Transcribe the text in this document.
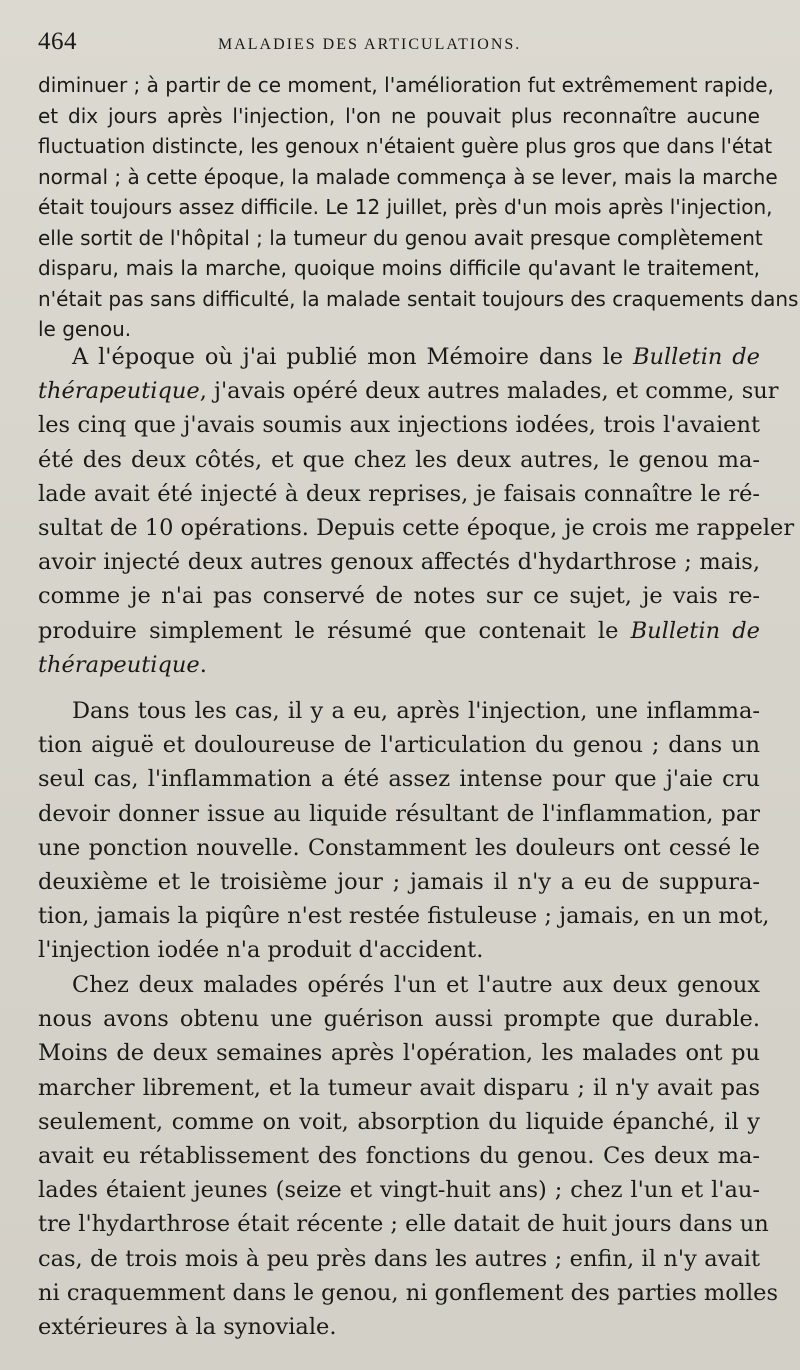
464	MALADIES DES ARTICULATIONS.
diminuer ; à partir de ce moment, l'amélioration fut extrêmement rapide,
et dix jours après l'injection, l'on ne pouvait plus reconnaître aucune
fluctuation distincte, les genoux n'étaient guère plus gros que dans l'état
normal ; à cette époque, la malade commença à se lever, mais la marche
était toujours assez difficile. Le 12 juillet, près d'un mois après l'injection,
elle sortit de l'hôpital ; la tumeur du genou avait presque complètement
disparu, mais la marche, quoique moins difficile qu'avant le traitement,
n'était pas sans difficulté, la malade sentait toujours des craquements dans
le genou.
A l'époque où j'ai publié mon Mémoire dans le Bulletin de
thérapeutique, j'avais opéré deux autres malades, et comme, sur
les cinq que j'avais soumis aux injections iodées, trois l'avaient
été des deux côtés, et que chez les deux autres, le genou ma-
lade avait été injecté à deux reprises, je faisais connaître le ré-
sultat de 10 opérations. Depuis cette époque, je crois me rappeler
avoir injecté deux autres genoux affectés d'hydarthrose ; mais,
comme je n'ai pas conservé de notes sur ce sujet, je vais re-
produire simplement le résumé que contenait le Bulletin de
thérapeutique.
Dans tous les cas, il y a eu, après l'injection, une inflamma-
tion aiguë et douloureuse de l'articulation du genou ; dans un
seul cas, l'inflammation a été assez intense pour que j'aie cru
devoir donner issue au liquide résultant de l'inflammation, par
une ponction nouvelle. Constamment les douleurs ont cessé le
deuxième et le troisième jour ; jamais il n'y a eu de suppura-
tion, jamais la piqûre n'est restée fistuleuse ; jamais, en un mot,
l'injection iodée n'a produit d'accident.
Chez deux malades opérés l'un et l'autre aux deux genoux
nous avons obtenu une guérison aussi prompte que durable.
Moins de deux semaines après l'opération, les malades ont pu
marcher librement, et la tumeur avait disparu ; il n'y avait pas
seulement, comme on voit, absorption du liquide épanché, il y
avait eu rétablissement des fonctions du genou. Ces deux ma-
lades étaient jeunes (seize et vingt-huit ans) ; chez l'un et l'au-
tre l'hydarthrose était récente ; elle datait de huit jours dans un
cas, de trois mois à peu près dans les autres ; enfin, il n'y avait
ni craquemment dans le genou, ni gonflement des parties molles
extérieures à la synoviale.
